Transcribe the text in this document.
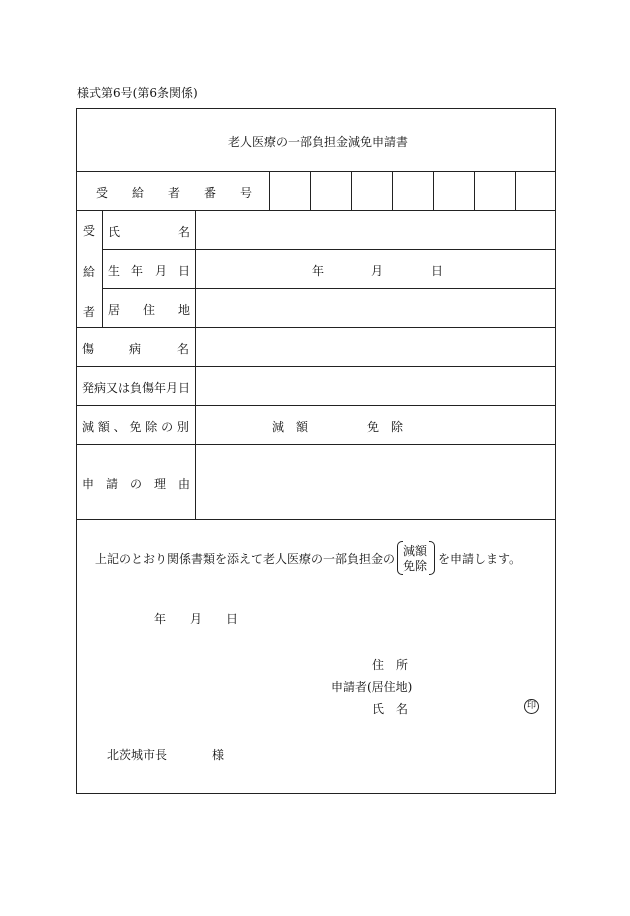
様式第6号(第6条関係)
老人医療の一部負担金減免申請書
受　　給　　者　　番　　号
受
給
者
氏	名
生 年 月 日	年	月	日
居 住 地
傷	病	名
発病又は負傷年月日
減 額 、 免 除 の 別	減　額	免　除
申　請　の　理　由
上記のとおり関係書類を添えて老人医療の一部負担金の
減額
免除 を申請します。
年 月 日
住　所
申請者(居住地)
氏　名	印
北茨城市長	様
